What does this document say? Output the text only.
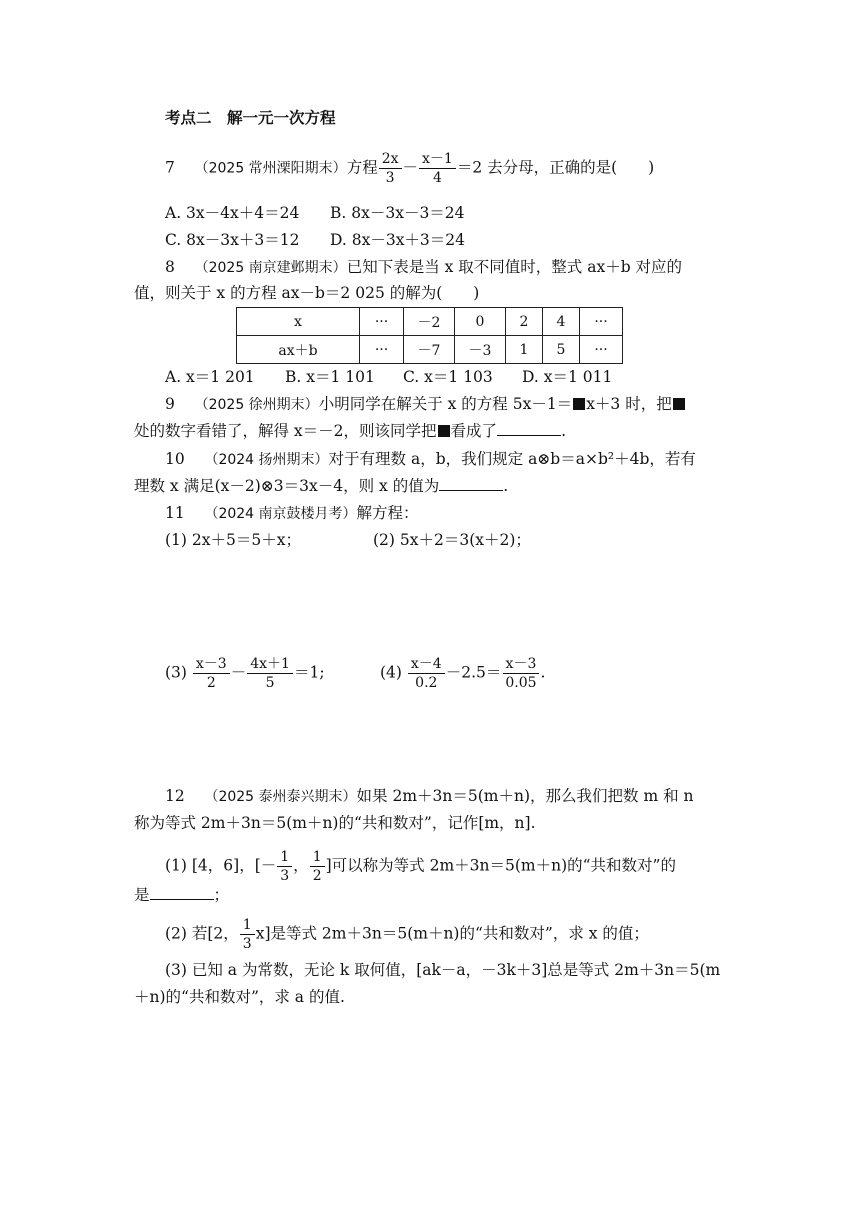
考点二　解一元一次方程
7 （2025 常州溧阳期末）方程 $\frac{2x}{3} - \frac{x-1}{4} =2$ 去分母，正确的是(　　)
A. 3x－4x＋4＝24 B. 8x－3x－3＝24
C. 8x－3x＋3＝12 D. 8x－3x＋3＝24
8 （2025 南京建邺期末）已知下表是当 x 取不同值时，整式 ax＋b 对应的
值，则关于 x 的方程 ax－b＝2 025 的解为(　　)
x	···	－2	0	2	4	···
ax＋b	···	－7	－3	1	5	···
A. x＝1 201 B. x＝1 101 C. x＝1 103 D. x＝1 011
9 （2025 徐州期末）小明同学在解关于 x 的方程 5x－1＝ x＋3 时，把
处的数字看错了，解得 x＝－2，则该同学把 看成了	.
10 （2024 扬州期末）对于有理数 a，b，我们规定 a⊗b＝a×b²＋4b，若有
理数 x 满足(x－2)⊗3＝3x－4，则 x 的值为	.
11 （2024 南京鼓楼月考）解方程：
(1) 2x＋5＝5＋x；	(2) 5x＋2＝3(x＋2)；
$(3) \frac{x-3}{2} - \frac{4x+1}{5} =1$;	$(4) \frac{x-4}{0.2} -2.5= \frac{x-3}{0.05}$ .
12 （2025 泰州泰兴期末）如果 2m＋3n＝5(m＋n)，那么我们把数 m 和 n
称为等式 2m＋3n＝5(m＋n)的“共和数对”，记作[m，n].
(1) [4，6]，[－ $\frac{1}{3}$ ， $\frac{1}{2}$ ]可以称为等式 2m＋3n＝5(m＋n)的“共和数对”的
是	；
(2) 若[2， $\frac{1}{3} x$]是等式 2m＋3n＝5(m＋n)的“共和数对”，求 x 的值；
(3) 已知 a 为常数，无论 k 取何值，[ak－a，－3k＋3]总是等式 2m＋3n＝5(m
＋n)的“共和数对”，求 a 的值.
